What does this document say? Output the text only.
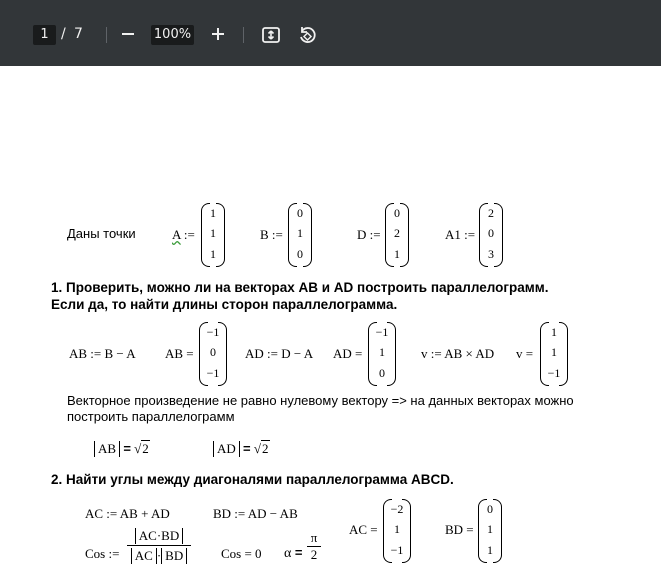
1 / 7	100%
Даны точки	A :=
1
1
1
B :=
0
1
0
D :=
0
2
1
A1 :=
2
0
3
1. Проверить, можно ли на векторах AB и AD построить параллелограмм.
Если да, то найти длины сторон параллелограмма.
AB := B − A AB =
−1
0
−1
AD := D − A AD =
−1
1
0
v := AB × AD v =
1
1
−1
Векторное произведение не равно нулевому вектору => на данных векторах можно
построить параллелограмм
AB = √2	AD = √2
2. Найти углы между диагоналями параллелограмма ABCD.
AC := AB + AD	BD := AD − AB
AC =
−2
1
−1
BD =
0
1
1
Cos :=
AC·BD
AC · BD	Cos = 0 $\alpha = \frac{\pi}{2}$
